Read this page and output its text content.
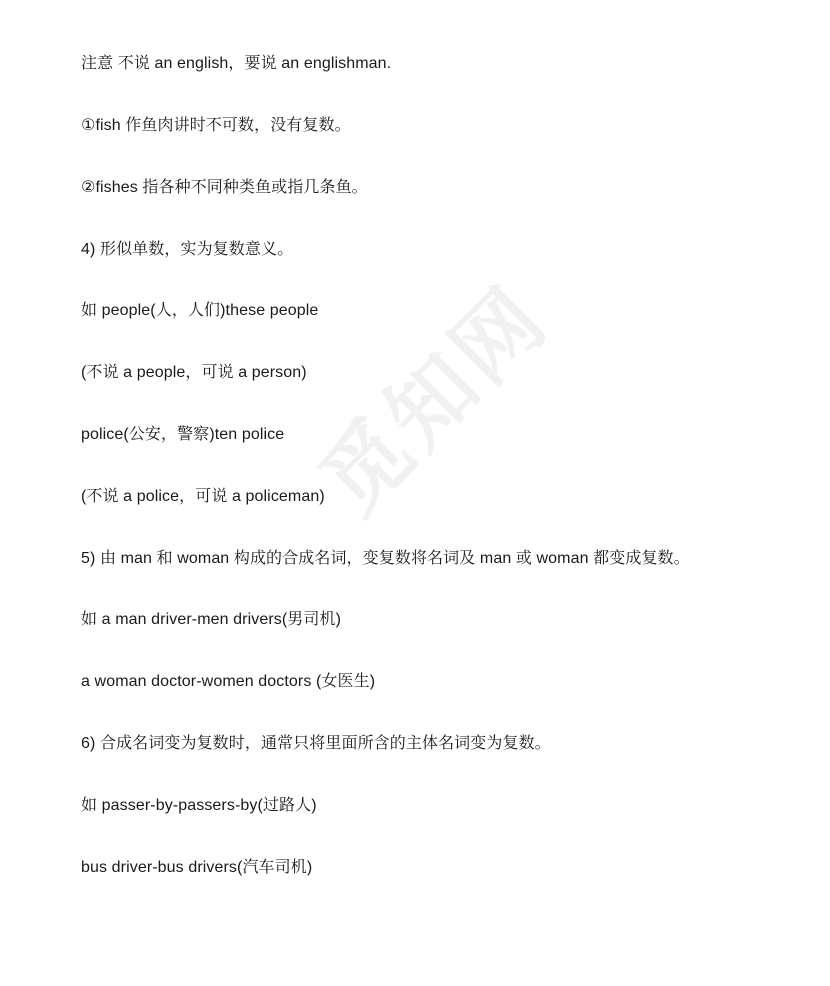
觅知网
注意 不说 an english，要说 an englishman.
①fish 作鱼肉讲时不可数，没有复数。
②fishes 指各种不同种类鱼或指几条鱼。
4) 形似单数，实为复数意义。
如 people(人，人们)these people
(不说 a people，可说 a person)
police(公安，警察)ten police
(不说 a police，可说 a policeman)
5) 由 man 和 woman 构成的合成名词，变复数将名词及 man 或 woman 都变成复数。
如 a man driver-men drivers(男司机)
a woman doctor-women doctors (女医生)
6) 合成名词变为复数时，通常只将里面所含的主体名词变为复数。
如 passer-by-passers-by(过路人)
bus driver-bus drivers(汽车司机)
